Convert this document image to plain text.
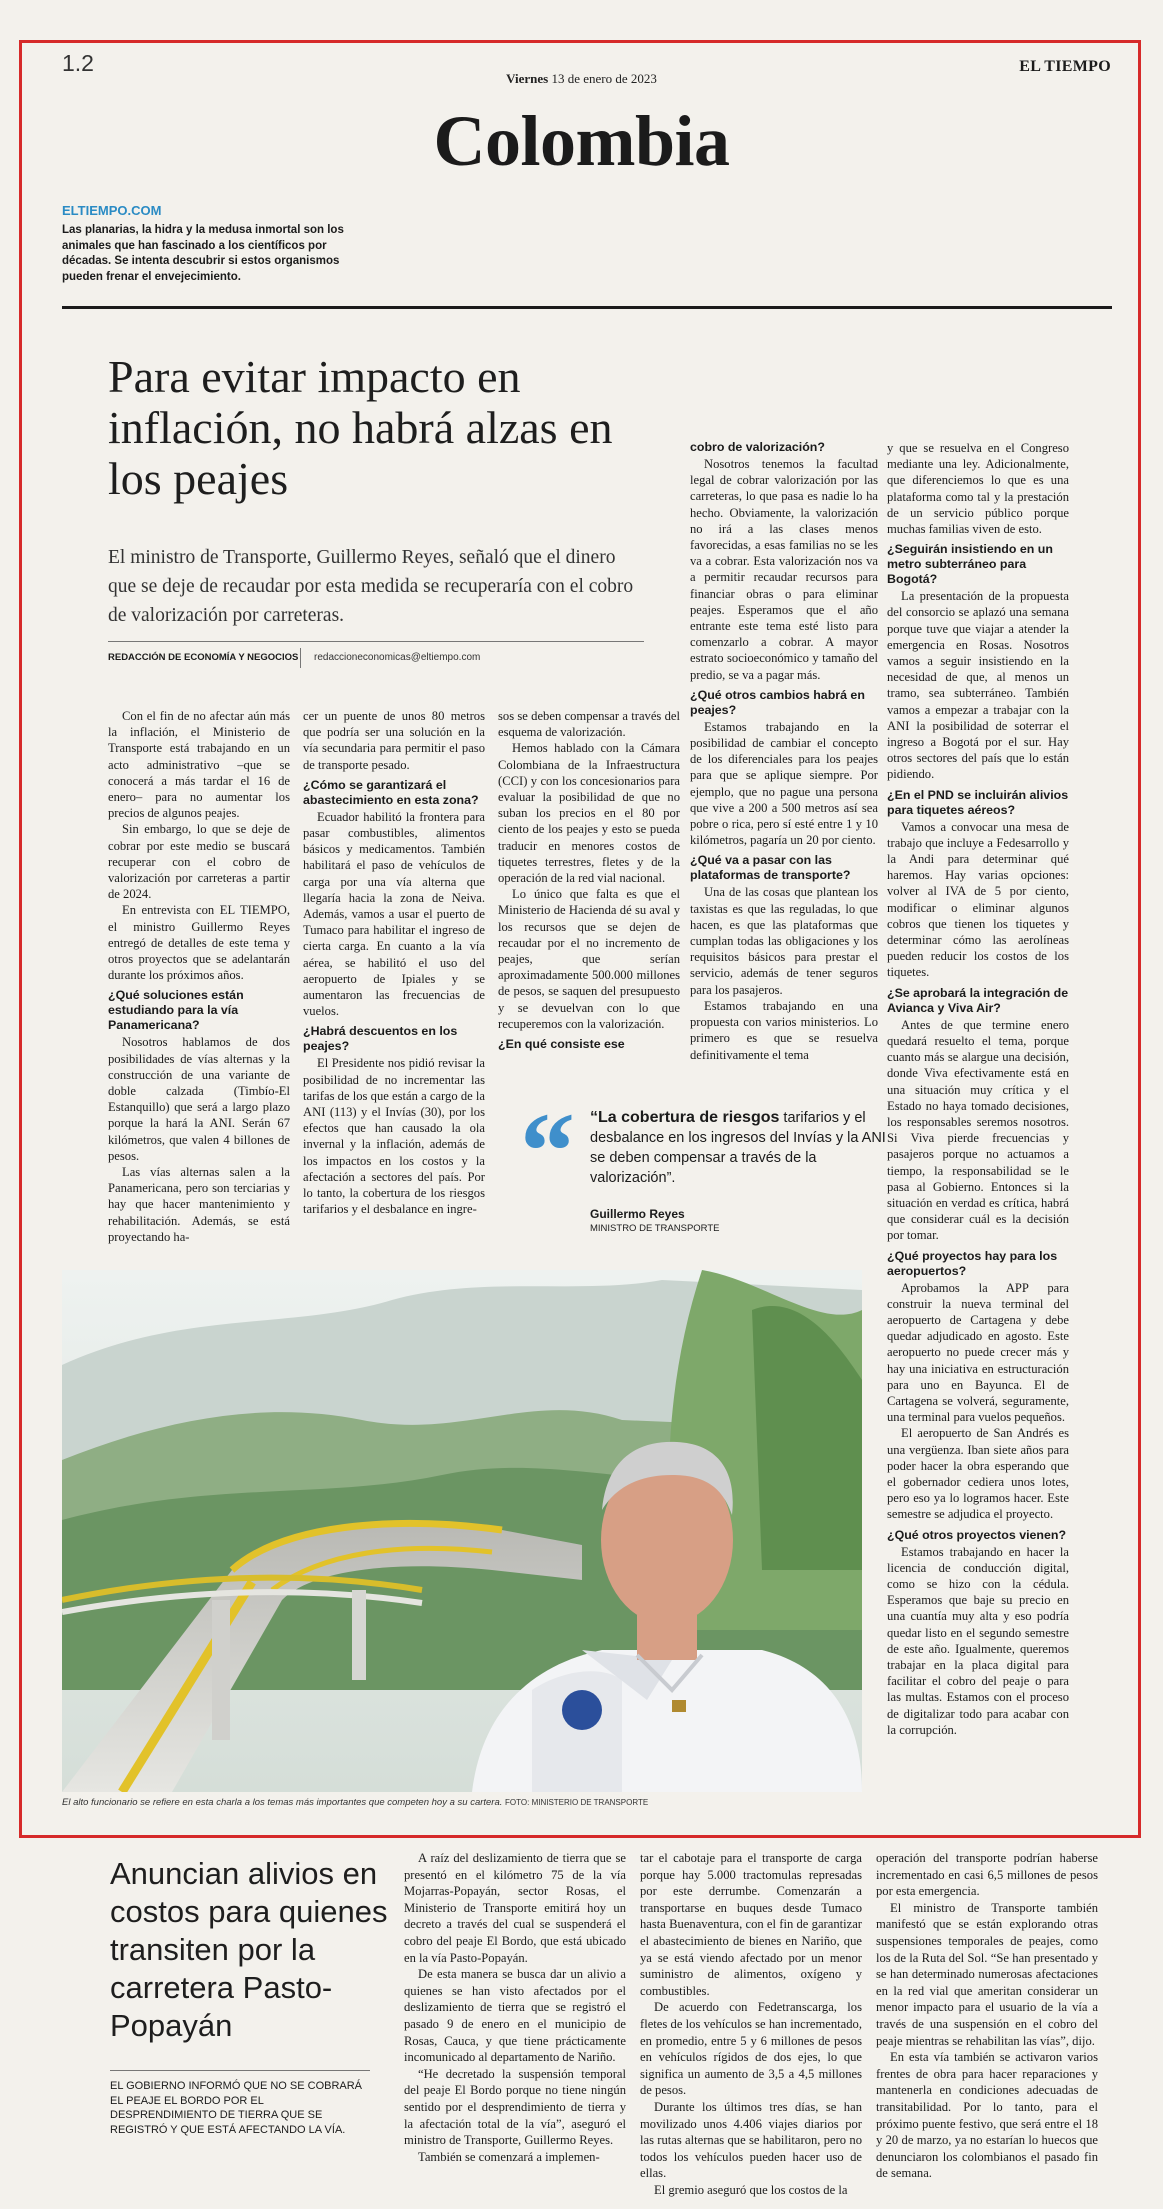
1.2
Viernes 13 de enero de 2023
EL TIEMPO
Colombia
ELTIEMPO.COM
Las planarias, la hidra y la medusa inmortal son los animales que han fascinado a los científicos por décadas. Se intenta descubrir si estos organismos pueden frenar el envejecimiento.
Para evitar impacto en inflación, no habrá alzas en los peajes
El ministro de Transporte, Guillermo Reyes, señaló que el dinero que se deje de recaudar por esta medida se recuperaría con el cobro de valorización por carreteras.
REDACCIÓN DE ECONOMÍA Y NEGOCIOS redaccioneconomicas@eltiempo.com

Con el fin de no afectar aún más la inflación, el Ministerio de Transporte está trabajando en un acto administrativo –que se conocerá a más tardar el 16 de enero– para no aumentar los precios de algunos peajes.

Sin embargo, lo que se deje de cobrar por este medio se buscará recuperar con el cobro de valorización por carreteras a partir de 2024.

En entrevista con EL TIEMPO, el ministro Guillermo Reyes entregó de detalles de este tema y otros proyectos que se adelantarán durante los próximos años.

¿Qué soluciones están estudiando para la vía Panamericana?

Nosotros hablamos de dos posibilidades de vías alternas y la construcción de una variante de doble calzada (Timbío-El Estanquillo) que será a largo plazo porque la hará la ANI. Serán 67 kilómetros, que valen 4 billones de pesos.

Las vías alternas salen a la Panamericana, pero son terciarias y hay que hacer mantenimiento y rehabilitación. Además, se está proyectando ha-

cer un puente de unos 80 metros que podría ser una solución en la vía secundaria para permitir el paso de transporte pesado.

¿Cómo se garantizará el abastecimiento en esta zona?

Ecuador habilitó la frontera para pasar combustibles, alimentos básicos y medicamentos. También habilitará el paso de vehículos de carga por una vía alterna que llegaría hacia la zona de Neiva. Además, vamos a usar el puerto de Tumaco para habilitar el ingreso de cierta carga. En cuanto a la vía aérea, se habilitó el uso del aeropuerto de Ipiales y se aumentaron las frecuencias de vuelos.

¿Habrá descuentos en los peajes?

El Presidente nos pidió revisar la posibilidad de no incrementar las tarifas de los que están a cargo de la ANI (113) y el Invías (30), por los efectos que han causado la ola invernal y la inflación, además de los impactos en los costos y la afectación a sectores del país. Por lo tanto, la cobertura de los riesgos tarifarios y el desbalance en ingre-

sos se deben compensar a través del esquema de valorización.

Hemos hablado con la Cámara Colombiana de la Infraestructura (CCI) y con los concesionarios para evaluar la posibilidad de que no suban los precios en el 80 por ciento de los peajes y esto se pueda traducir en menores costos de tiquetes terrestres, fletes y de la operación de la red vial nacional.

Lo único que falta es que el Ministerio de Hacienda dé su aval y los recursos que se dejen de recaudar por el no incremento de peajes, que serían aproximadamente 500.000 millones de pesos, se saquen del presupuesto y se devuelvan con lo que recuperemos con la valorización.

¿En qué consiste ese
cobro de valorización?

Nosotros tenemos la facultad legal de cobrar valorización por las carreteras, lo que pasa es nadie lo ha hecho. Obviamente, la valorización no irá a las clases menos favorecidas, a esas familias no se les va a cobrar. Esta valorización nos va a permitir recaudar recursos para financiar obras o para eliminar peajes. Esperamos que el año entrante este tema esté listo para comenzarlo a cobrar. A mayor estrato socioeconómico y tamaño del predio, se va a pagar más.

¿Qué otros cambios habrá en peajes?

Estamos trabajando en la posibilidad de cambiar el concepto de los diferenciales para los peajes para que se aplique siempre. Por ejemplo, que no pague una persona que vive a 200 a 500 metros así sea pobre o rica, pero sí esté entre 1 y 10 kilómetros, pagaría un 20 por ciento.

¿Qué va a pasar con las plataformas de transporte?

Una de las cosas que plantean los taxistas es que las reguladas, lo que hacen, es que las plataformas que cumplan todas las obligaciones y los requisitos básicos para prestar el servicio, además de tener seguros para los pasajeros.

Estamos trabajando en una propuesta con varios ministerios. Lo primero es que se resuelva definitivamente el tema

y que se resuelva en el Congreso mediante una ley. Adicionalmente, que diferenciemos lo que es una plataforma como tal y la prestación de un servicio público porque muchas familias viven de esto.

¿Seguirán insistiendo en un metro subterráneo para Bogotá?

La presentación de la propuesta del consorcio se aplazó una semana porque tuve que viajar a atender la emergencia en Rosas. Nosotros vamos a seguir insistiendo en la necesidad de que, al menos un tramo, sea subterráneo. También vamos a empezar a trabajar con la ANI la posibilidad de soterrar el ingreso a Bogotá por el sur. Hay otros sectores del país que lo están pidiendo.

¿En el PND se incluirán alivios para tiquetes aéreos?

Vamos a convocar una mesa de trabajo que incluye a Fedesarrollo y la Andi para determinar qué haremos. Hay varias opciones: volver al IVA de 5 por ciento, modificar o eliminar algunos cobros que tienen los tiquetes y determinar cómo las aerolíneas pueden reducir los costos de los tiquetes.

¿Se aprobará la integración de Avianca y Viva Air?

Antes de que termine enero quedará resuelto el tema, porque cuanto más se alargue una decisión, donde Viva efectivamente está en una situación muy crítica y el Estado no haya tomado decisiones, los responsables seremos nosotros. Si Viva pierde frecuencias y pasajeros porque no actuamos a tiempo, la responsabilidad se le pasa al Gobierno. Entonces si la situación en verdad es crítica, habrá que considerar cuál es la decisión por tomar.

¿Qué proyectos hay para los aeropuertos?

Aprobamos la APP para construir la nueva terminal del aeropuerto de Cartagena y debe quedar adjudicado en agosto. Este aeropuerto no puede crecer más y hay una iniciativa en estructuración para uno en Bayunca. El de Cartagena se volverá, seguramente, una terminal para vuelos pequeños.

El aeropuerto de San Andrés es una vergüenza. Iban siete años para poder hacer la obra esperando que el gobernador cediera unos lotes, pero eso ya lo logramos hacer. Este semestre se adjudica el proyecto.

¿Qué otros proyectos vienen?

Estamos trabajando en hacer la licencia de conducción digital, como se hizo con la cédula. Esperamos que baje su precio en una cuantía muy alta y eso podría quedar listo en el segundo semestre de este año. Igualmente, queremos trabajar en la placa digital para facilitar el cobro del peaje o para las multas. Estamos con el proceso de digitalizar todo para acabar con la corrupción.

“ “La cobertura de riesgos tarifarios y el desbalance en los ingresos del Invías y la ANI se deben compensar a través de la valorización”.
Guillermo Reyes
MINISTRO DE TRANSPORTE
El alto funcionario se refiere en esta charla a los temas más importantes que competen hoy a su cartera. FOTO: MINISTERIO DE TRANSPORTE
Anuncian alivios en costos para quienes transiten por la carretera Pasto-Popayán
EL GOBIERNO INFORMÓ QUE NO SE COBRARÁ EL PEAJE EL BORDO POR EL DESPRENDIMIENTO DE TIERRA QUE SE REGISTRÓ Y QUE ESTÁ AFECTANDO LA VÍA.

A raíz del deslizamiento de tierra que se presentó en el kilómetro 75 de la vía Mojarras-Popayán, sector Rosas, el Ministerio de Transporte emitirá hoy un decreto a través del cual se suspenderá el cobro del peaje El Bordo, que está ubicado en la vía Pasto-Popayán.

De esta manera se busca dar un alivio a quienes se han visto afectados por el deslizamiento de tierra que se registró el pasado 9 de enero en el municipio de Rosas, Cauca, y que tiene prácticamente incomunicado al departamento de Nariño.

“He decretado la suspensión temporal del peaje El Bordo porque no tiene ningún sentido por el desprendimiento de tierra y la afectación total de la vía”, aseguró el ministro de Transporte, Guillermo Reyes.

También se comenzará a implemen-

tar el cabotaje para el transporte de carga porque hay 5.000 tractomulas represadas por este derrumbe. Comenzarán a transportarse en buques desde Tumaco hasta Buenaventura, con el fin de garantizar el abastecimiento de bienes en Nariño, que ya se está viendo afectado por un menor suministro de alimentos, oxígeno y combustibles.

De acuerdo con Fedetranscarga, los fletes de los vehículos se han incrementado, en promedio, entre 5 y 6 millones de pesos en vehículos rígidos de dos ejes, lo que significa un aumento de 3,5 a 4,5 millones de pesos.

Durante los últimos tres días, se han movilizado unos 4.406 viajes diarios por las rutas alternas que se habilitaron, pero no todos los vehículos pueden hacer uso de ellas.

El gremio aseguró que los costos de la

operación del transporte podrían haberse incrementado en casi 6,5 millones de pesos por esta emergencia.

El ministro de Transporte también manifestó que se están explorando otras suspensiones temporales de peajes, como los de la Ruta del Sol. “Se han presentado y se han determinado numerosas afectaciones en la red vial que ameritan considerar un menor impacto para el usuario de la vía a través de una suspensión en el cobro del peaje mientras se rehabilitan las vías”, dijo.

En esta vía también se activaron varios frentes de obra para hacer reparaciones y mantenerla en condiciones adecuadas de transitabilidad. Por lo tanto, para el próximo puente festivo, que será entre el 18 y 20 de marzo, ya no estarían lo huecos que denunciaron los colombianos el pasado fin de semana.
